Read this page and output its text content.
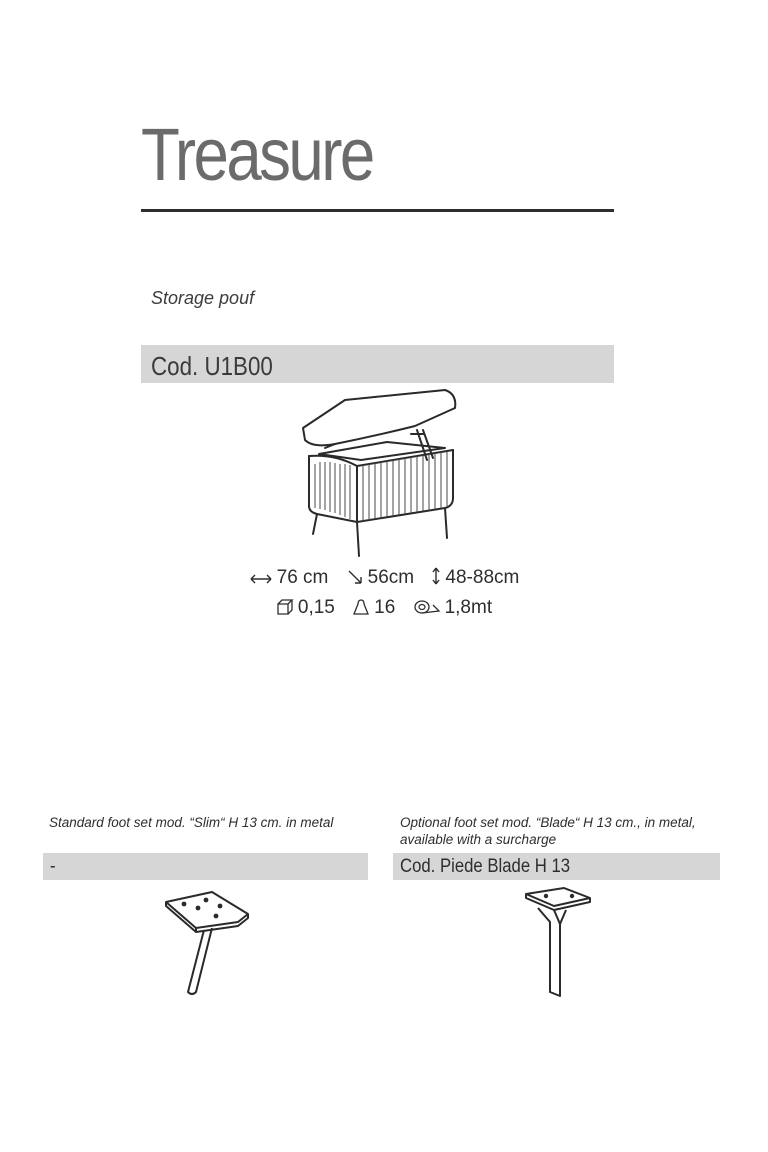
Treasure
Storage pouf
Cod. U1B00
76 cm 56cm 48-88cm
0,15 16	1,8mt
Standard foot set mod. “Slim“ H 13 cm. in metal
-
Optional foot set mod. “Blade“ H 13 cm., in metal, available with a surcharge
Cod. Piede Blade H 13
